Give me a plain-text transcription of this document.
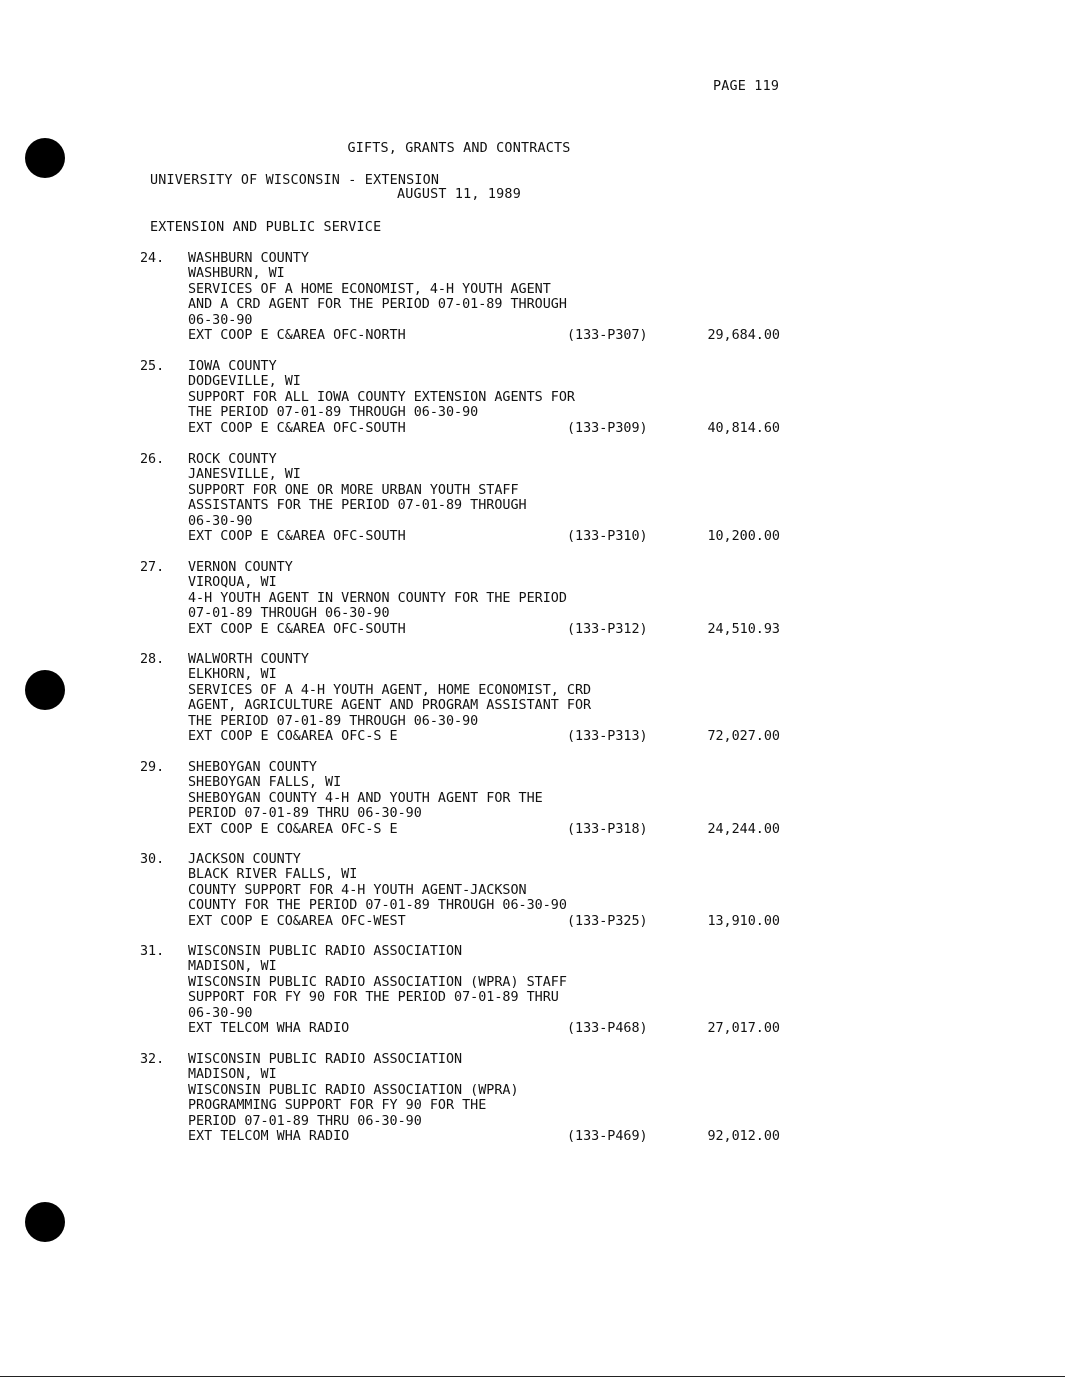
PAGE 119

GIFTS, GRANTS AND CONTRACTS

AUGUST 11, 1989

UNIVERSITY OF WISCONSIN - EXTENSION
EXTENSION AND PUBLIC SERVICE
24. WASHBURN COUNTY
WASHBURN, WI
SERVICES OF A HOME ECONOMIST, 4-H YOUTH AGENT
AND A CRD AGENT FOR THE PERIOD 07-01-89 THROUGH
06-30-90
EXT COOP E C&AREA OFC-NORTH	(133-P307)	29,684.00
25. IOWA COUNTY
DODGEVILLE, WI
SUPPORT FOR ALL IOWA COUNTY EXTENSION AGENTS FOR
THE PERIOD 07-01-89 THROUGH 06-30-90
EXT COOP E C&AREA OFC-SOUTH	(133-P309)	40,814.60
26. ROCK COUNTY
JANESVILLE, WI
SUPPORT FOR ONE OR MORE URBAN YOUTH STAFF
ASSISTANTS FOR THE PERIOD 07-01-89 THROUGH
06-30-90
EXT COOP E C&AREA OFC-SOUTH	(133-P310)	10,200.00
27. VERNON COUNTY
VIROQUA, WI
4-H YOUTH AGENT IN VERNON COUNTY FOR THE PERIOD
07-01-89 THROUGH 06-30-90
EXT COOP E C&AREA OFC-SOUTH	(133-P312)	24,510.93
28. WALWORTH COUNTY
ELKHORN, WI
SERVICES OF A 4-H YOUTH AGENT, HOME ECONOMIST, CRD
AGENT, AGRICULTURE AGENT AND PROGRAM ASSISTANT FOR
THE PERIOD 07-01-89 THROUGH 06-30-90
EXT COOP E CO&AREA OFC-S E	(133-P313)	72,027.00
29. SHEBOYGAN COUNTY
SHEBOYGAN FALLS, WI
SHEBOYGAN COUNTY 4-H AND YOUTH AGENT FOR THE
PERIOD 07-01-89 THRU 06-30-90
EXT COOP E CO&AREA OFC-S E	(133-P318)	24,244.00
30. JACKSON COUNTY
BLACK RIVER FALLS, WI
COUNTY SUPPORT FOR 4-H YOUTH AGENT-JACKSON
COUNTY FOR THE PERIOD 07-01-89 THROUGH 06-30-90
EXT COOP E CO&AREA OFC-WEST	(133-P325)	13,910.00
31. WISCONSIN PUBLIC RADIO ASSOCIATION
MADISON, WI
WISCONSIN PUBLIC RADIO ASSOCIATION (WPRA) STAFF
SUPPORT FOR FY 90 FOR THE PERIOD 07-01-89 THRU
06-30-90
EXT TELCOM WHA RADIO	(133-P468)	27,017.00
32. WISCONSIN PUBLIC RADIO ASSOCIATION
MADISON, WI
WISCONSIN PUBLIC RADIO ASSOCIATION (WPRA)
PROGRAMMING SUPPORT FOR FY 90 FOR THE
PERIOD 07-01-89 THRU 06-30-90
EXT TELCOM WHA RADIO	(133-P469)	92,012.00
